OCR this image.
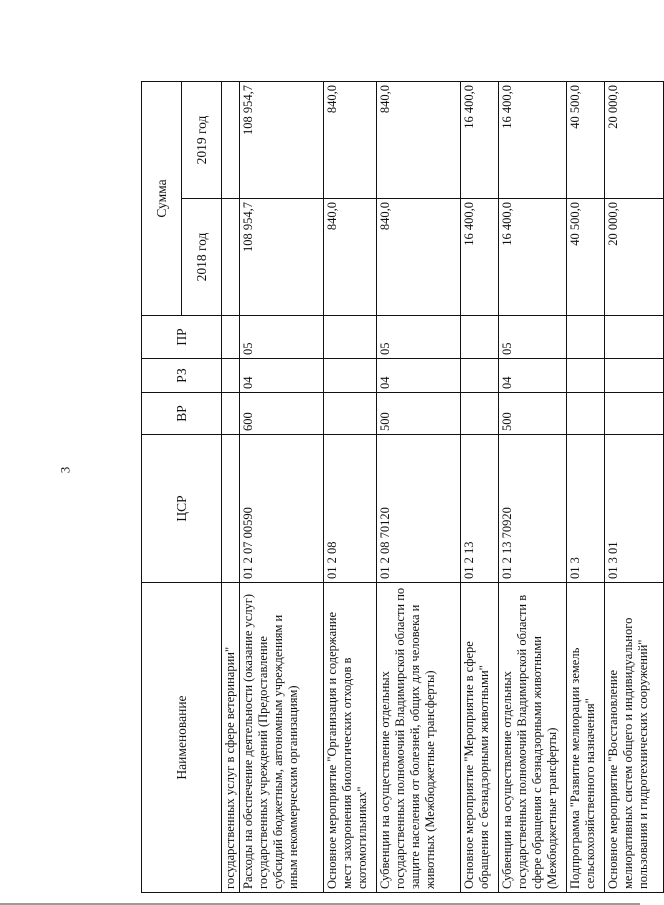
3
Наименование	ЦСР	ВР	РЗ	ПР	Сумма	
					2018 год	2019 год
государственных услуг в сфере ветеринарии"						
Расходы на обеспечение деятельности (оказание услуг) государственных учреждений (Предоставление субсидий бюджетным, автономным учреждениям и иным некоммерческим организациям)	01 2 07 00590	600	04	05	108 954,7	108 954,7
Основное мероприятие "Организация и содержание мест захоронения биологических отходов в скотомогильниках"	01 2 08				840,0	840,0
Субвенции на осуществление отдельных государственных полномочий Владимирской области по защите населения от болезней, общих для человека и животных (Межбюджетные трансферты)	01 2 08 70120	500	04	05	840,0	840,0
Основное мероприятие "Мероприятие в сфере обращения с безнадзорными животными"	01 2 13				16 400,0	16 400,0
Субвенции на осуществление отдельных государственных полномочий Владимирской области в сфере обращения с безнадзорными животными (Межбюджетные трансферты)	01 2 13 70920	500	04	05	16 400,0	16 400,0
Подпрограмма "Развитие мелиорации земель сельскохозяйственного назначения"	01 3				40 500,0	40 500,0
Основное мероприятие "Восстановление мелиоративных систем общего и индивидуального пользования и гидротехнических сооружений"	01 3 01				20 000,0	20 000,0
